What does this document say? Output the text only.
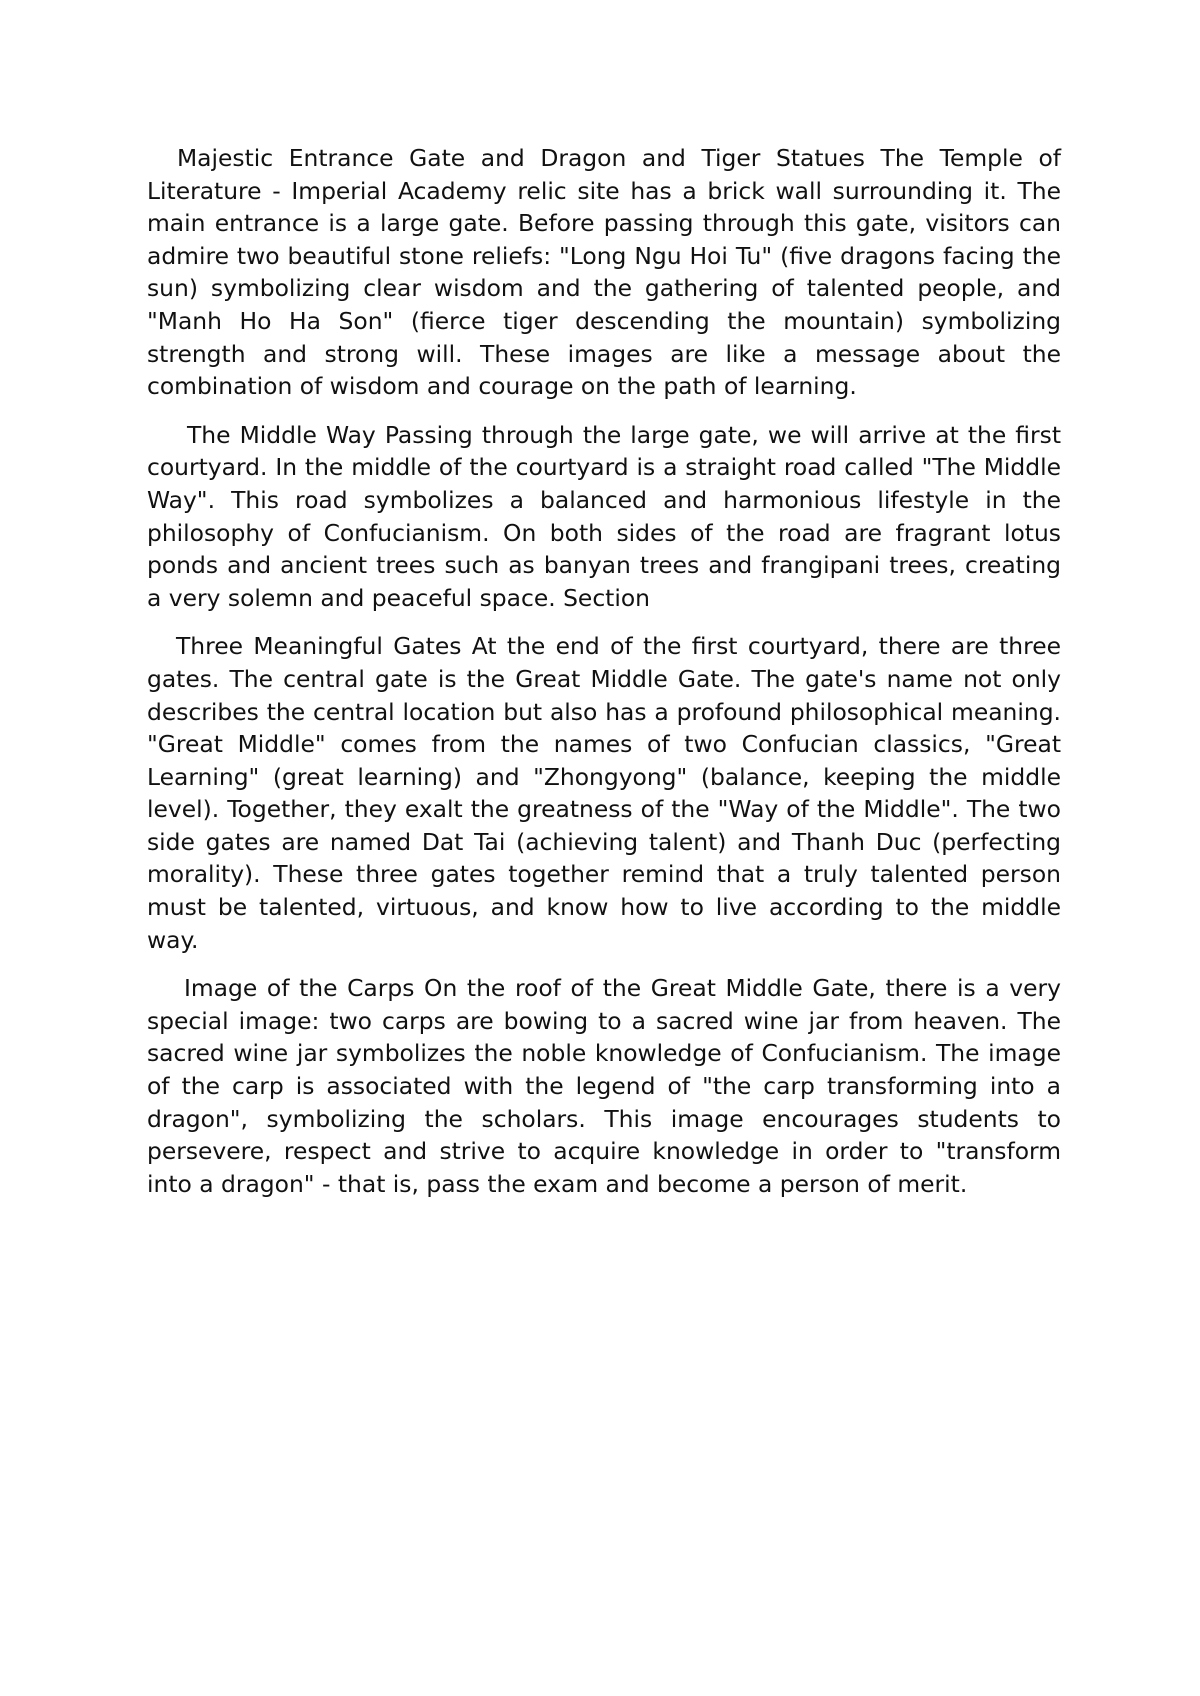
Majestic Entrance Gate and Dragon and Tiger Statues The Temple of Literature - Imperial Academy relic site has a brick wall surrounding it. The main entrance is a large gate. Before passing through this gate, visitors can admire two beautiful stone reliefs: "Long Ngu Hoi Tu" (five dragons facing the sun) symbolizing clear wisdom and the gathering of talented people, and "Manh Ho Ha Son" (fierce tiger descending the mountain) symbolizing strength and strong will. These images are like a message about the combination of wisdom and courage on the path of learning.

The Middle Way Passing through the large gate, we will arrive at the first courtyard. In the middle of the courtyard is a straight road called "The Middle Way". This road symbolizes a balanced and harmonious lifestyle in the philosophy of Confucianism. On both sides of the road are fragrant lotus ponds and ancient trees such as banyan trees and frangipani trees, creating a very solemn and peaceful space. Section

Three Meaningful Gates At the end of the first courtyard, there are three gates. The central gate is the Great Middle Gate. The gate's name not only describes the central location but also has a profound philosophical meaning. "Great Middle" comes from the names of two Confucian classics, "Great Learning" (great learning) and "Zhongyong" (balance, keeping the middle level). Together, they exalt the greatness of the "Way of the Middle". The two side gates are named Dat Tai (achieving talent) and Thanh Duc (perfecting morality). These three gates together remind that a truly talented person must be talented, virtuous, and know how to live according to the middle way.

Image of the Carps On the roof of the Great Middle Gate, there is a very special image: two carps are bowing to a sacred wine jar from heaven. The sacred wine jar symbolizes the noble knowledge of Confucianism. The image of the carp is associated with the legend of "the carp transforming into a dragon", symbolizing the scholars. This image encourages students to persevere, respect and strive to acquire knowledge in order to "transform into a dragon" - that is, pass the exam and become a person of merit.
